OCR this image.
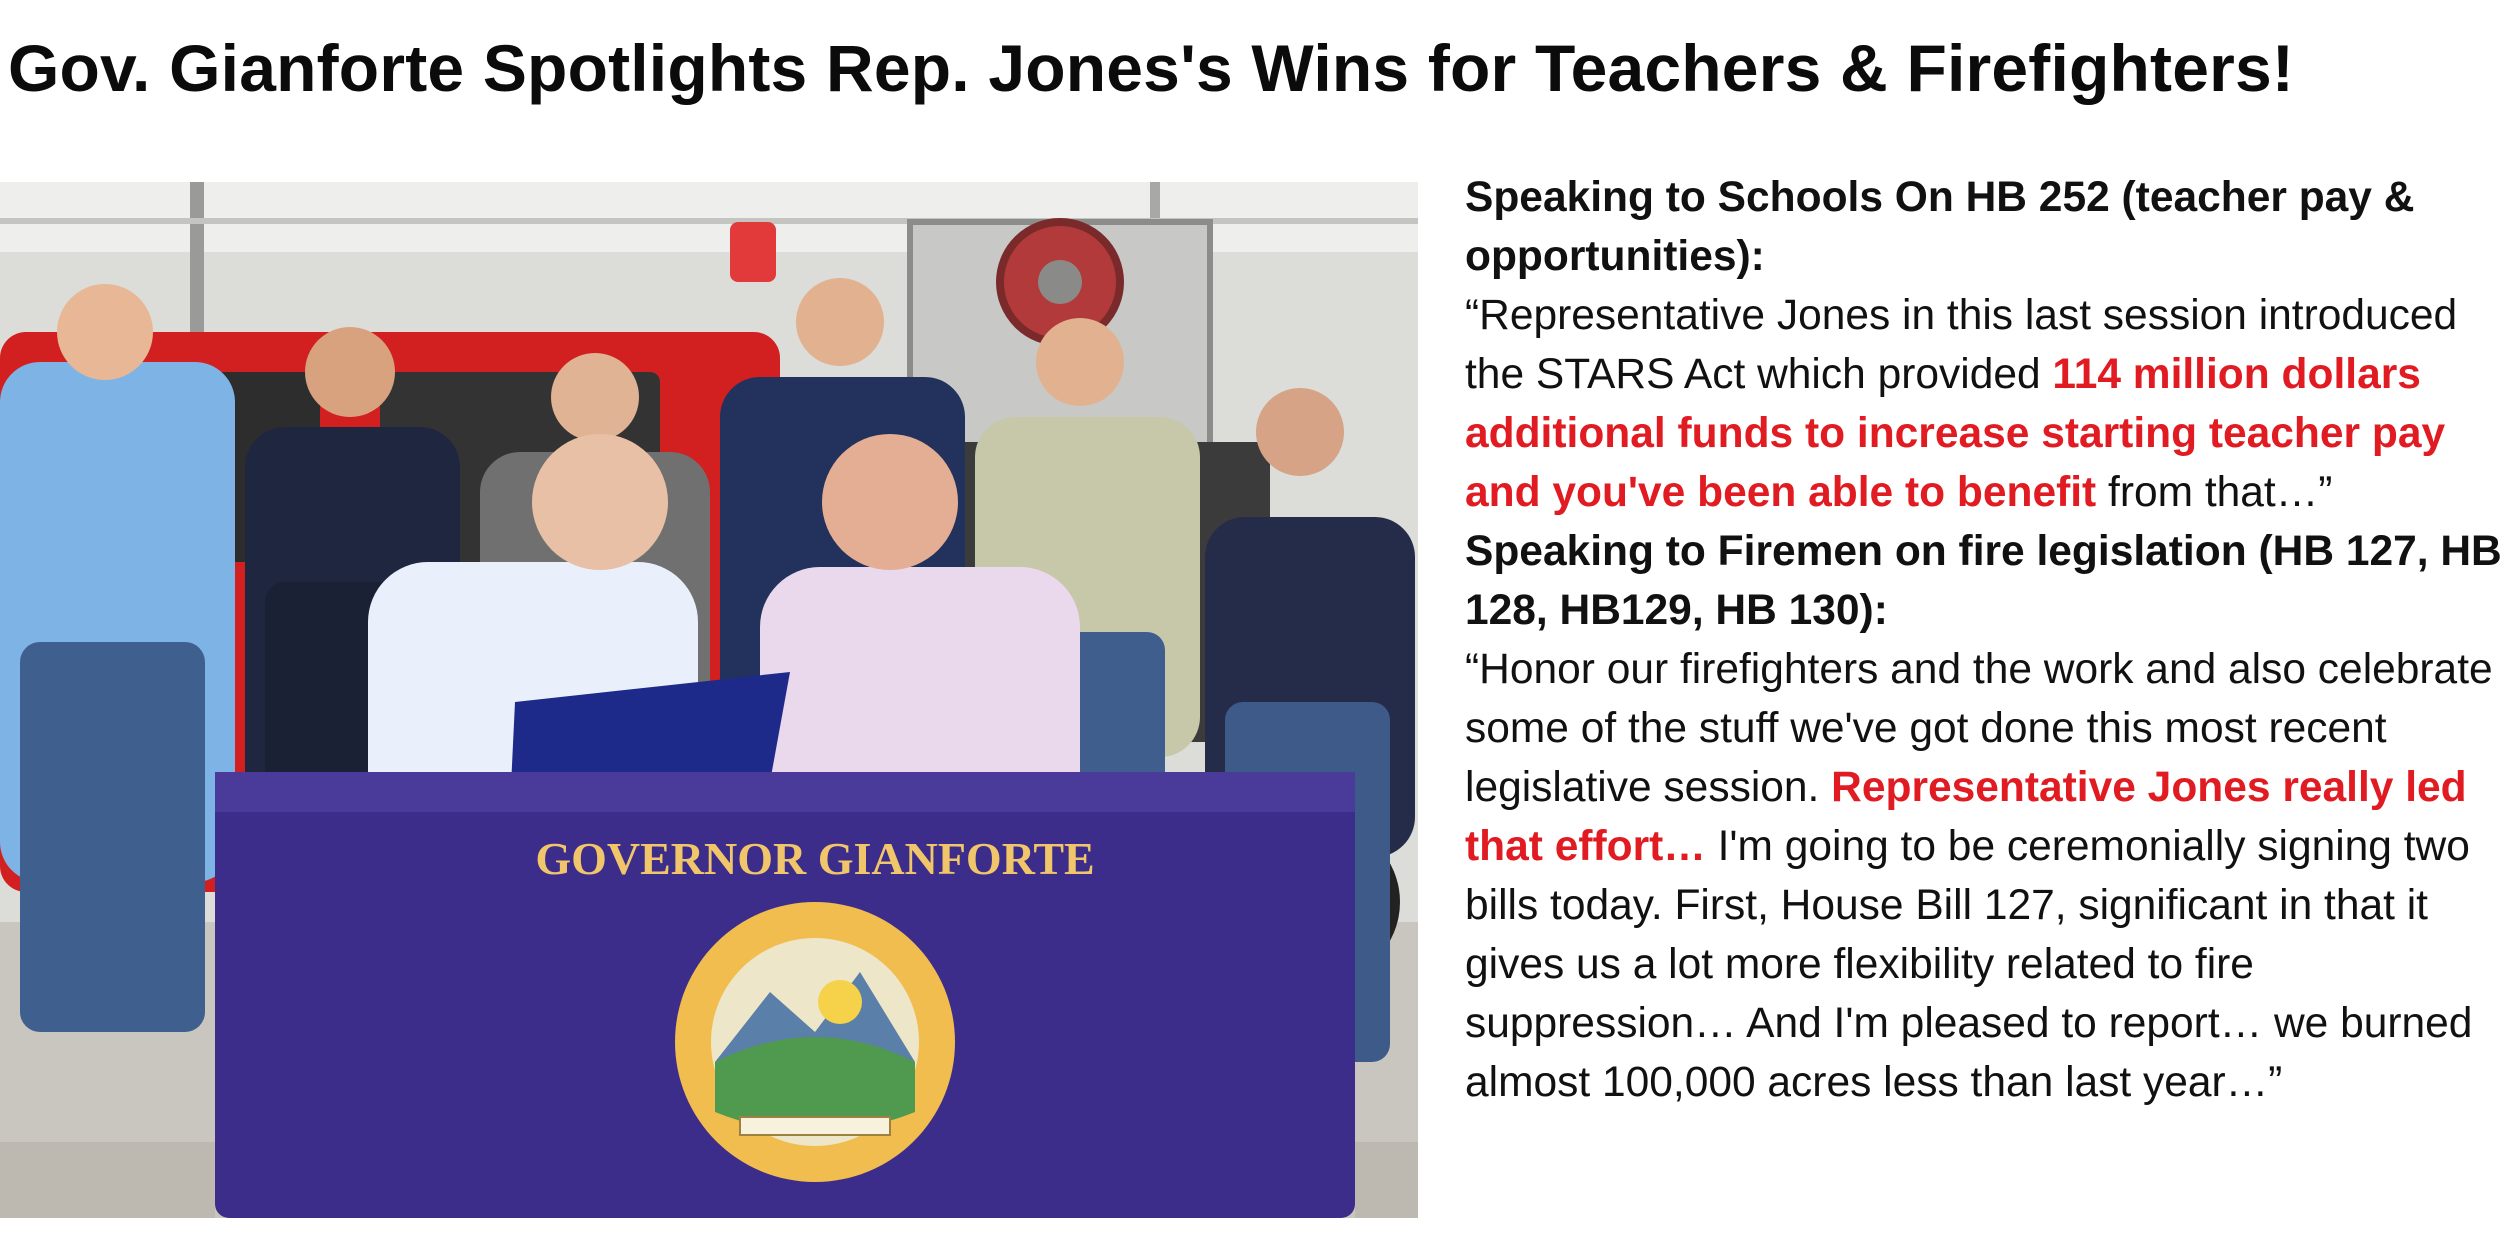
Gov. Gianforte Spotlights Rep. Jones's Wins for Teachers & Firefighters!
GOVERNOR GIANFORTE

Speaking to Schools On HB 252 (teacher pay & opportunities):

“Representative Jones in this last session introduced the STARS Act which provided 114 million dollars additional funds to increase starting teacher pay and you've been able to benefit from that…”

Speaking to Firemen on fire legislation (HB 127, HB 128, HB129, HB 130):

“Honor our firefighters and the work and also celebrate some of the stuff we've got done this most recent legislative session. Representative Jones really led that effort… I'm going to be ceremonially signing two bills today. First, House Bill 127, significant in that it gives us a lot more flexibility related to fire suppression… And I'm pleased to report… we burned almost 100,000 acres less than last year…”
